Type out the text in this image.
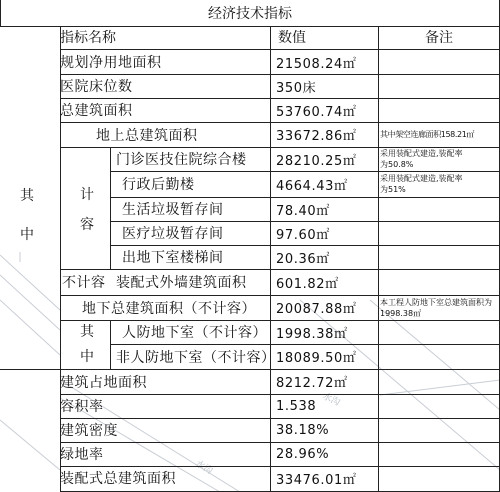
水沟
水沟
经济技术指标
指标名称	数值	备注
规划净用地面积
医院床位数
总建筑面积
地上总建筑面积
门诊医技住院综合楼
行政后勤楼
生活垃圾暂存间
医疗垃圾暂存间
出地下室楼梯间
装配式外墙建筑面积
地下总建筑面积（不计容）
人防地下室（不计容）
非人防地下室（不计容）
建筑占地面积
容积率
建筑密度
绿地率
装配式总建筑面积
21508.24㎡
350床
53760.74㎡
33672.86㎡
28210.25㎡
4664.43㎡
78.40㎡
97.60㎡
20.36㎡
601.82㎡
20087.88㎡
1998.38㎡
18089.50㎡
8212.72㎡
1.538
38.18%
28.96%
33476.01㎡
其中架空连廊面积158.21㎡
采用装配式建造,装配率为50.8%
采用装配式建造,装配率为51%
本工程人防地下室总建筑面积为1998.38㎡
其
中
计
容
不计容
其
中
